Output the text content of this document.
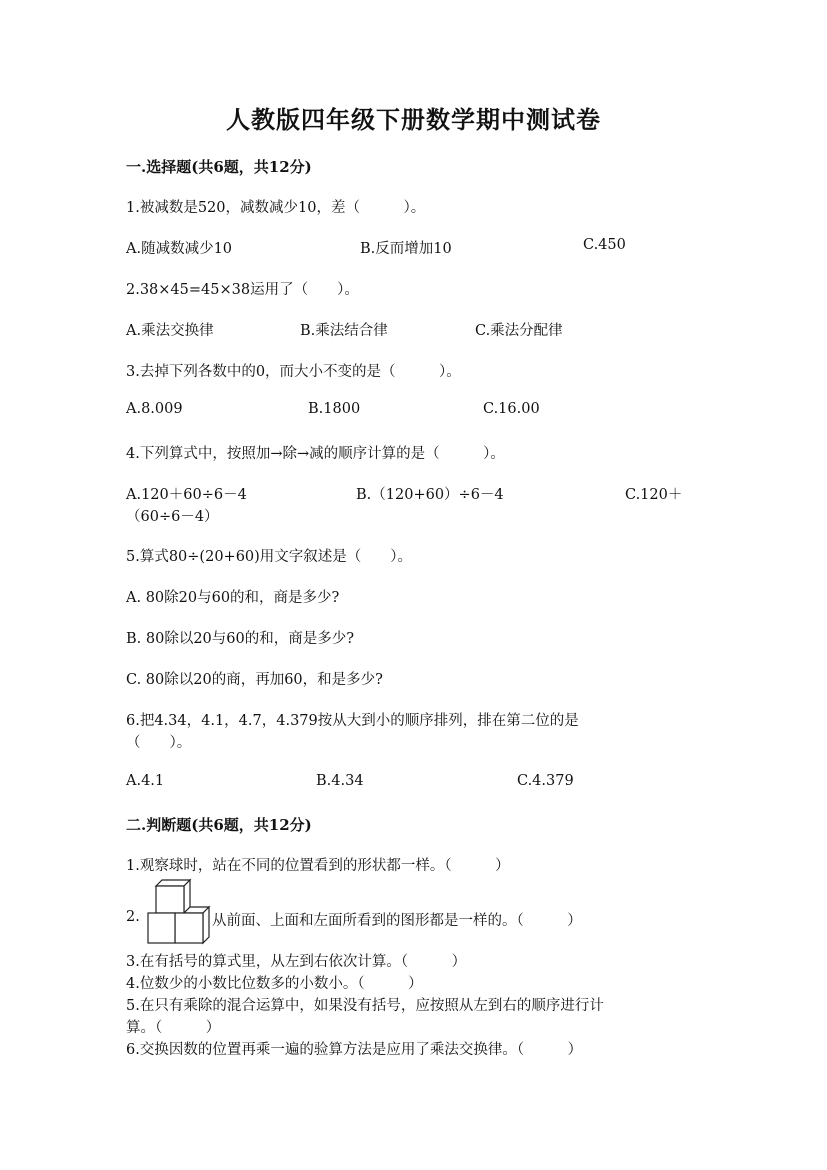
人教版四年级下册数学期中测试卷
一.选择题(共6题，共12分)
1.被减数是520，减数减少10，差（　　　）。
A.随减数减少10	B.反而增加10	C.450
2.38×45=45×38运用了（　　）。
A.乘法交换律	B.乘法结合律	C.乘法分配律
3.去掉下列各数中的0，而大小不变的是（　　　）。
A.8.009	B.1800	C.16.00
4.下列算式中，按照加→除→减的顺序计算的是（　　　）。
A.120＋60÷6－4	B.（120+60）÷6－4	C.120＋
（60÷6－4）
5.算式80÷(20+60)用文字叙述是（　　）。
A. 80除20与60的和，商是多少?
B. 80除以20与60的和，商是多少?
C. 80除以20的商，再加60，和是多少?
6.把4.34，4.1，4.7，4.379按从大到小的顺序排列，排在第二位的是
（　　）。
A.4.1	B.4.34	C.4.379
二.判断题(共6题，共12分)
1.观察球时，站在不同的位置看到的形状都一样。（　　　）
2.	从前面、上面和左面所看到的图形都是一样的。（　　　）
3.在有括号的算式里，从左到右依次计算。（　　　）
4.位数少的小数比位数多的小数小。（　　　）
5.在只有乘除的混合运算中，如果没有括号，应按照从左到右的顺序进行计
算。（　　　）
6.交换因数的位置再乘一遍的验算方法是应用了乘法交换律。（　　　）
